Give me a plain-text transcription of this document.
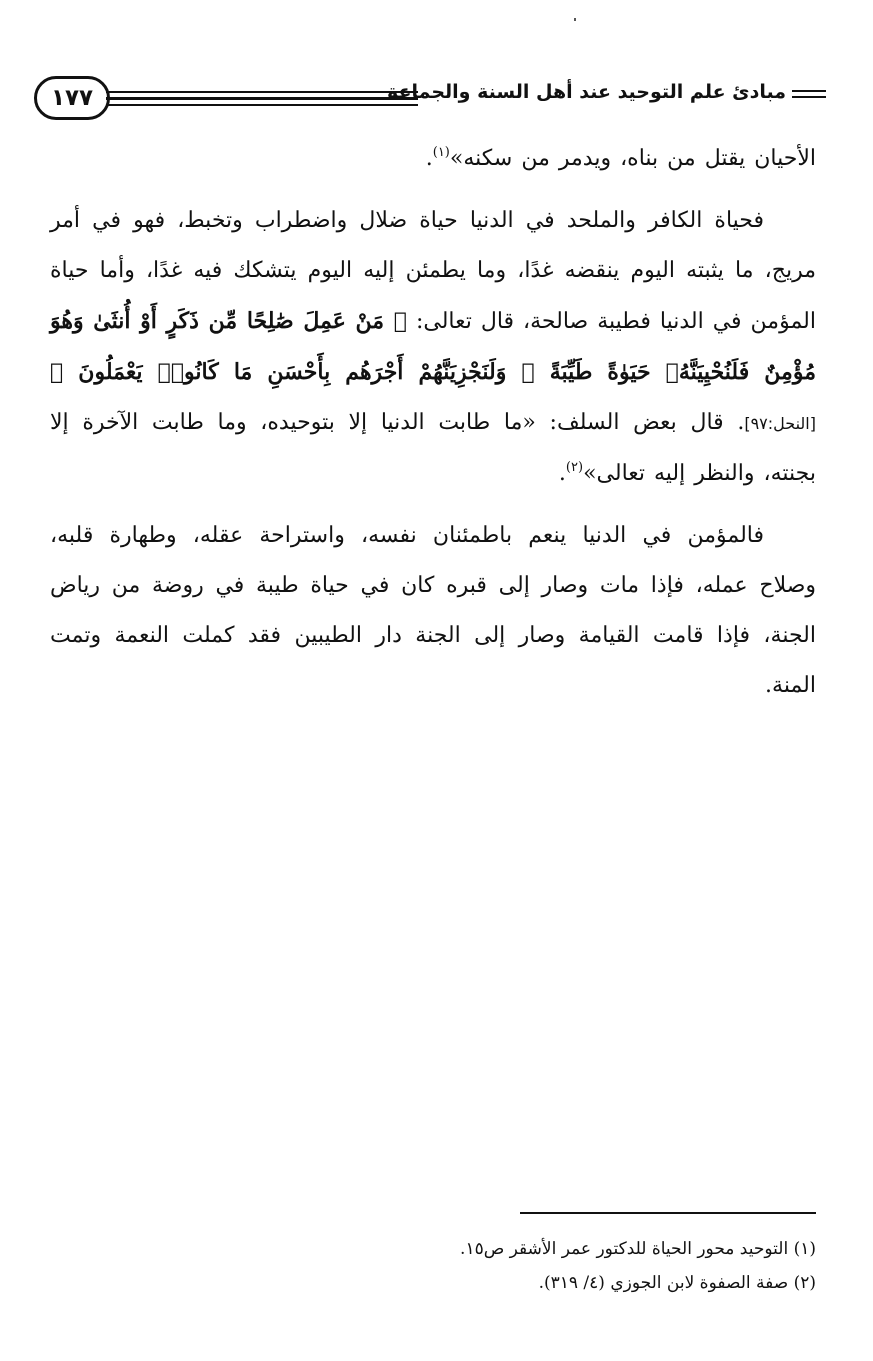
١٧٧	مبادئ علم التوحيد عند أهل السنة والجماعة

الأحيان يقتل من بناه، ويدمر من سكنه»$^{(١)}$.

فحياة الكافر والملحد في الدنيا حياة ضلال واضطراب وتخبط، فهو في أمر مريج، ما يثبته اليوم ينقضه غدًا، وما يطمئن إليه اليوم يتشكك فيه غدًا، وأما حياة المؤمن في الدنيا فطيبة صالحة، قال تعالى: ﴿ مَنْ عَمِلَ صَٰلِحًا مِّن ذَكَرٍ أَوْ أُنثَىٰ وَهُوَ مُؤْمِنٌ فَلَنُحْيِيَنَّهُۥ حَيَوٰةً طَيِّبَةً ۖ وَلَنَجْزِيَنَّهُمْ أَجْرَهُم بِأَحْسَنِ مَا كَانُوا۟ يَعْمَلُونَ ﴾[النحل:٩٧]. قال بعض السلف: «ما طابت الدنيا إلا بتوحيده، وما طابت الآخرة إلا بجنته، والنظر إليه تعالى»$^{(٢)}$.

فالمؤمن في الدنيا ينعم باطمئنان نفسه، واستراحة عقله، وطهارة قلبه، وصلاح عمله، فإذا مات وصار إلى قبره كان في حياة طيبة في روضة من رياض الجنة، فإذا قامت القيامة وصار إلى الجنة دار الطيبين فقد كملت النعمة وتمت المنة.

(١) التوحيد محور الحياة للدكتور عمر الأشقر ص١٥.

(٢) صفة الصفوة لابن الجوزي (٤/ ٣١٩).
